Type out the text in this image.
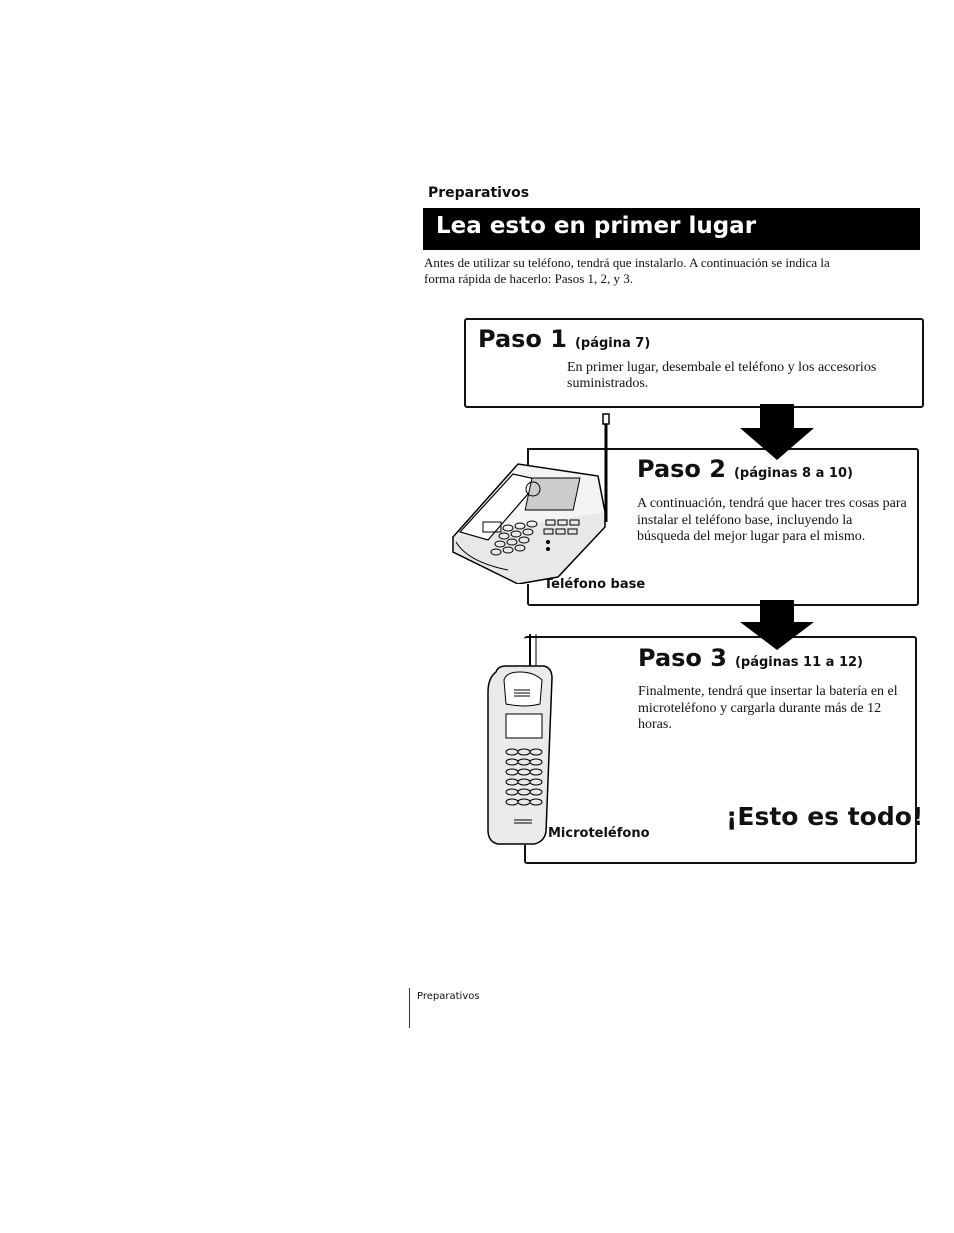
Preparativos
Lea esto en primer lugar
Antes de utilizar su teléfono, tendrá que instalarlo. A continuación se indica la forma rápida de hacerlo: Pasos 1, 2, y 3.
Paso 1 (página 7)
En primer lugar, desembale el teléfono y los accesorios suministrados.
Paso 2 (páginas 8 a 10)
A continuación, tendrá que hacer tres cosas para instalar el teléfono base, incluyendo la búsqueda del mejor lugar para el mismo.
Teléfono base
Paso 3 (páginas 11 a 12)
Finalmente, tendrá que insertar la batería en el microteléfono y cargarla durante más de 12 horas.
Microteléfono
¡Esto es todo!
Preparativos
